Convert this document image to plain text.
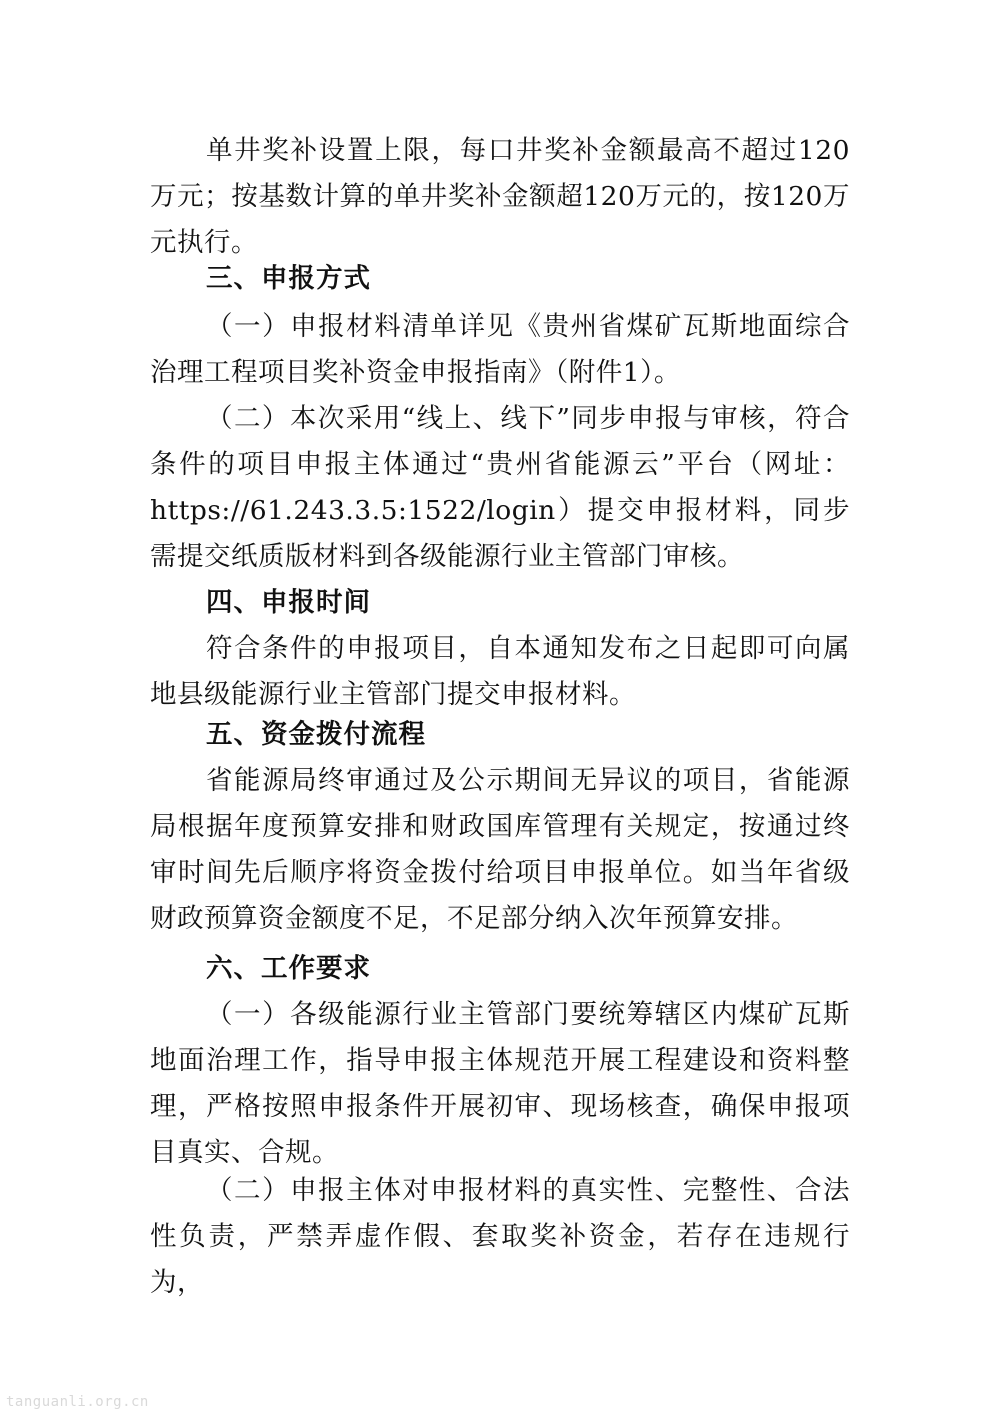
单井奖补设置上限，每口井奖补金额最高不超过120万元；按基数计算的单井奖补金额超120万元的，按120万元执行。

三、申报方式

（一）申报材料清单详见《贵州省煤矿瓦斯地面综合治理工程项目奖补资金申报指南》（附件1）。

（二）本次采用“线上、线下”同步申报与审核，符合条件的项目申报主体通过“贵州省能源云”平台（网址：https://61.243.3.5:1522/login）提交申报材料，同步需提交纸质版材料到各级能源行业主管部门审核。

四、申报时间

符合条件的申报项目，自本通知发布之日起即可向属地县级能源行业主管部门提交申报材料。

五、资金拨付流程

省能源局终审通过及公示期间无异议的项目，省能源局根据年度预算安排和财政国库管理有关规定，按通过终审时间先后顺序将资金拨付给项目申报单位。如当年省级财政预算资金额度不足，不足部分纳入次年预算安排。

六、工作要求

（一）各级能源行业主管部门要统筹辖区内煤矿瓦斯地面治理工作，指导申报主体规范开展工程建设和资料整理，严格按照申报条件开展初审、现场核查，确保申报项目真实、合规。

（二）申报主体对申报材料的真实性、完整性、合法性负责，严禁弄虚作假、套取奖补资金，若存在违规行为，

tanguanli.org.cn
